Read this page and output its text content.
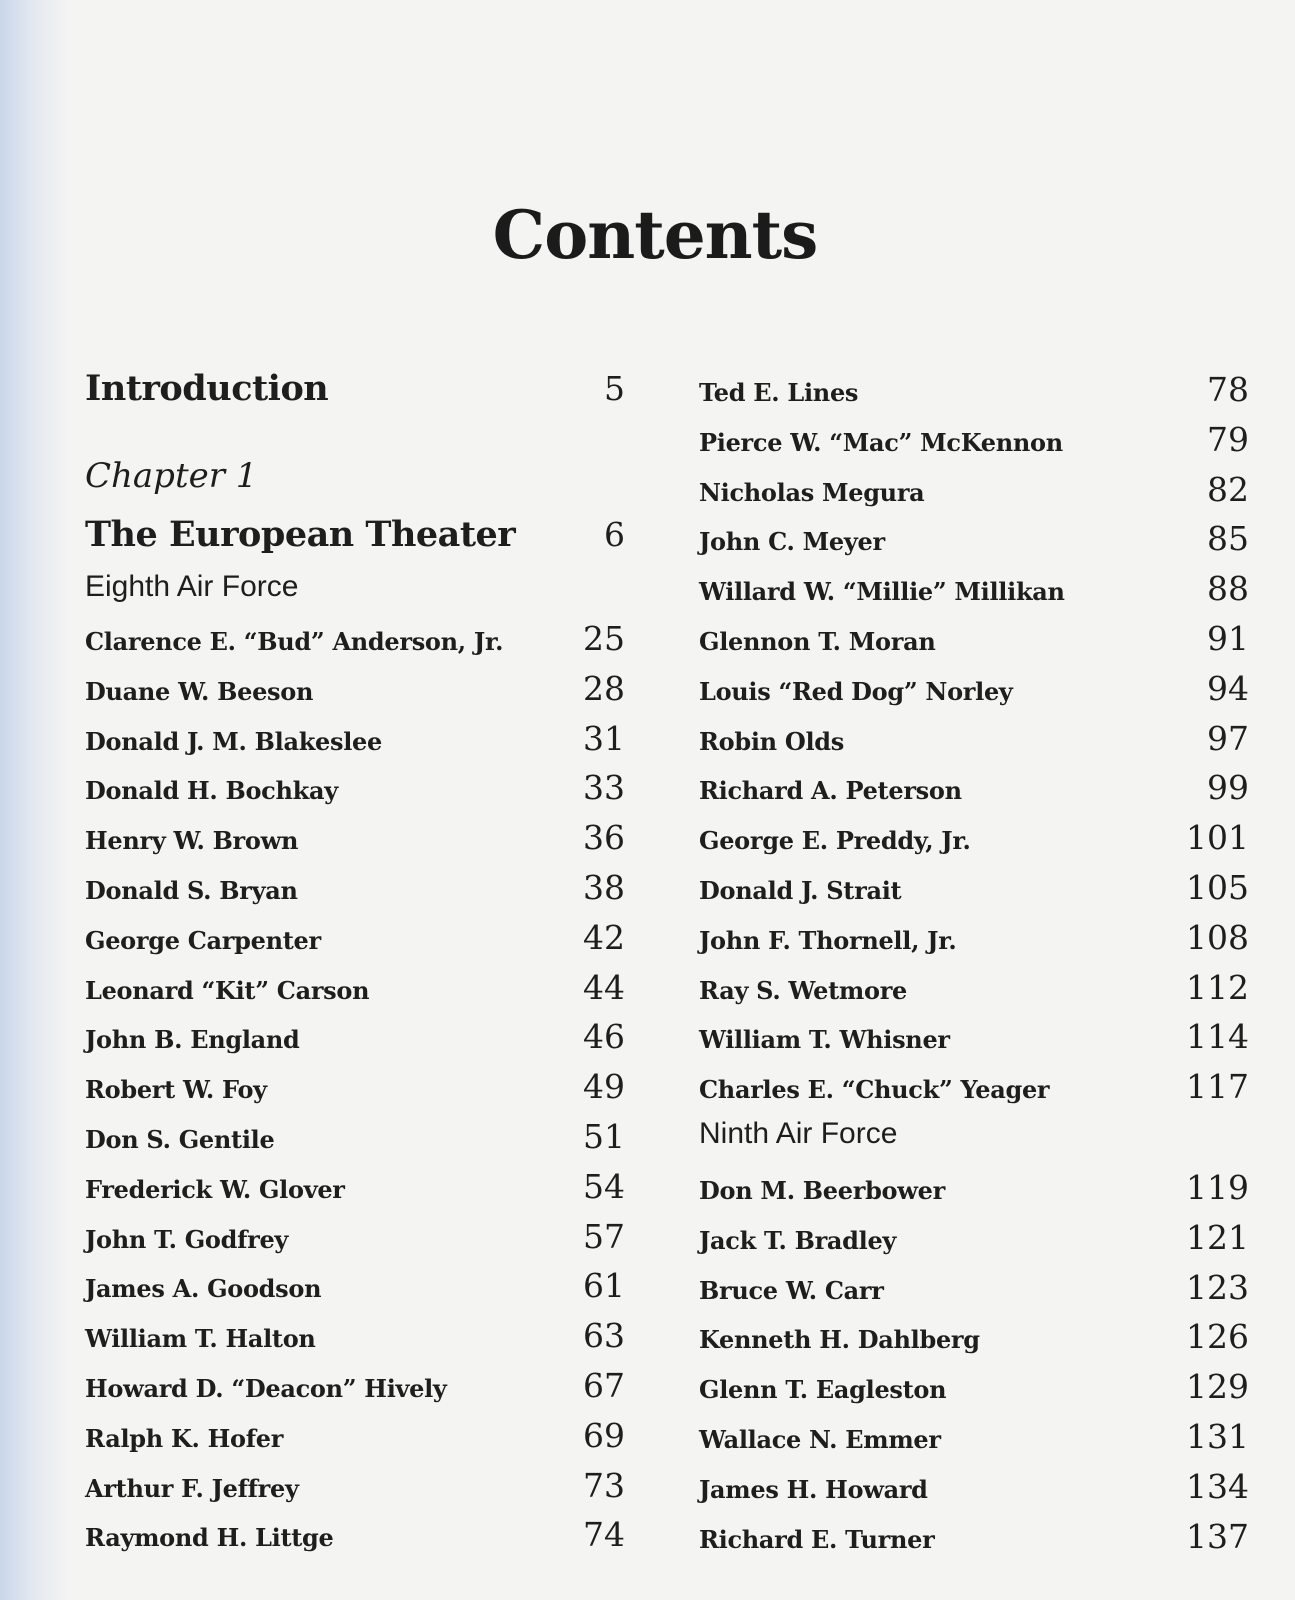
Contents
Introduction	5
Chapter 1
The European Theater	6
Eighth Air Force
Clarence E. “Bud” Anderson, Jr. 25
Duane W. Beeson	28
Donald J. M. Blakeslee	31
Donald H. Bochkay	33
Henry W. Brown	36
Donald S. Bryan	38
George Carpenter	42
Leonard “Kit” Carson	44
John B. England	46
Robert W. Foy	49
Don S. Gentile	51
Frederick W. Glover	54
John T. Godfrey	57
James A. Goodson	61
William T. Halton	63
Howard D. “Deacon” Hively	67
Ralph K. Hofer	69
Arthur F. Jeffrey	73
Raymond H. Littge	74
Ted E. Lines	78
Pierce W. “Mac” McKennon	79
Nicholas Megura	82
John C. Meyer	85
Willard W. “Millie” Millikan	88
Glennon T. Moran	91
Louis “Red Dog” Norley	94
Robin Olds	97
Richard A. Peterson	99
George E. Preddy, Jr.	101
Donald J. Strait	105
John F. Thornell, Jr.	108
Ray S. Wetmore	112
William T. Whisner	114
Charles E. “Chuck” Yeager	117
Ninth Air Force
Don M. Beerbower	119
Jack T. Bradley	121
Bruce W. Carr	123
Kenneth H. Dahlberg	126
Glenn T. Eagleston	129
Wallace N. Emmer	131
James H. Howard	134
Richard E. Turner	137
